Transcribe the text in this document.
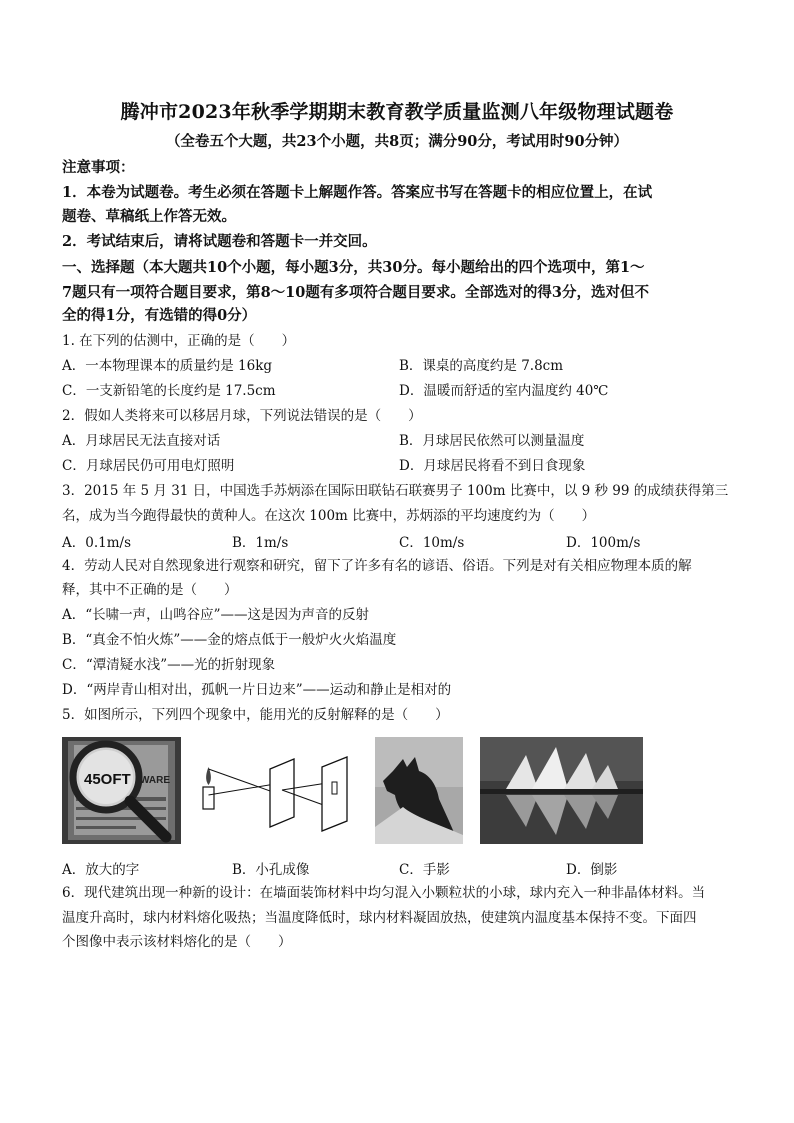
腾冲市2023年秋季学期期末教育教学质量监测八年级物理试题卷
（全卷五个大题，共23个小题，共8页；满分90分，考试用时90分钟）
注意事项：
1．本卷为试题卷。考生必须在答题卡上解题作答。答案应书写在答题卡的相应位置上，在试
题卷、草稿纸上作答无效。
2．考试结束后，请将试题卷和答题卡一并交回。
一、选择题（本大题共10个小题，每小题3分，共30分。每小题给出的四个选项中，第1～
7题只有一项符合题目要求，第8～10题有多项符合题目要求。全部选对的得3分，选对但不
全的得1分，有选错的得0分）
1. 在下列的估测中，正确的是（　　）
A．一本物理课本的质量约是 16kg	B．课桌的高度约是 7.8cm
C．一支新铅笔的长度约是 17.5cm	D．温暖而舒适的室内温度约 40℃
2．假如人类将来可以移居月球，下列说法错误的是（　　）
A．月球居民无法直接对话	B．月球居民依然可以测量温度
C．月球居民仍可用电灯照明	D．月球居民将看不到日食现象
3．2015 年 5 月 31 日，中国选手苏炳添在国际田联钻石联赛男子 100m 比赛中，以 9 秒 99 的成绩获得第三
名，成为当今跑得最快的黄种人。在这次 100m 比赛中，苏炳添的平均速度约为（　　）
A．0.1m/s	B．1m/s	C．10m/s	D．100m/s
4．劳动人民对自然现象进行观察和研究，留下了许多有名的谚语、俗语。下列是对有关相应物理本质的解
释，其中不正确的是（　　）
A．“长啸一声，山鸣谷应”——这是因为声音的反射
B．“真金不怕火炼”——金的熔点低于一般炉火火焰温度
C．“潭清疑水浅”——光的折射现象
D．“两岸青山相对出，孤帆一片日边来”——运动和静止是相对的
5．如图所示，下列四个现象中，能用光的反射解释的是（　　）
45OFT WARE
A．放大的字	B．小孔成像	C．手影	D．倒影
6．现代建筑出现一种新的设计：在墙面装饰材料中均匀混入小颗粒状的小球，球内充入一种非晶体材料。当
温度升高时，球内材料熔化吸热；当温度降低时，球内材料凝固放热，使建筑内温度基本保持不变。下面四
个图像中表示该材料熔化的是（　　）
